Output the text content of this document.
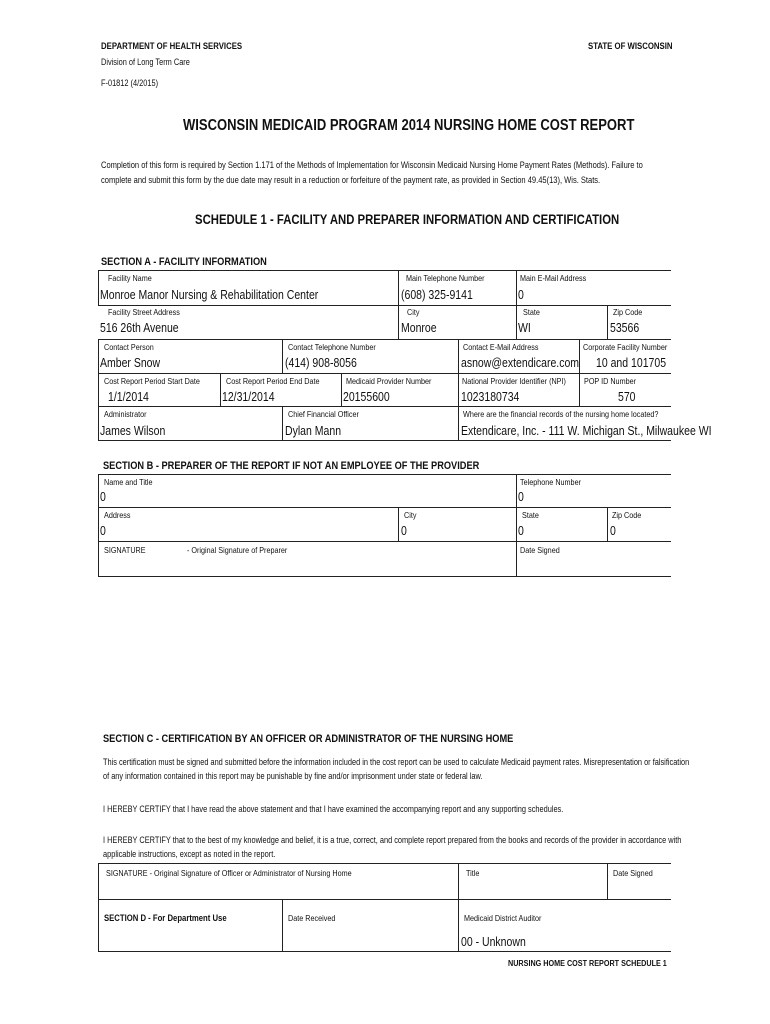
DEPARTMENT OF HEALTH SERVICES
Division of Long Term Care
F-01812 (4/2015)
STATE OF WISCONSIN
WISCONSIN MEDICAID PROGRAM 2014 NURSING HOME COST REPORT
Completion of this form is required by Section 1.171 of the Methods of Implementation for Wisconsin Medicaid Nursing Home Payment Rates (Methods). Failure to complete and submit this form by the due date may result in a reduction or forfeiture of the payment rate, as provided in Section 49.45(13), Wis. Stats.
SCHEDULE 1 - FACILITY AND PREPARER INFORMATION AND CERTIFICATION
SECTION A - FACILITY INFORMATION
Facility Name
Monroe Manor Nursing & Rehabilitation Center
Main Telephone Number
(608) 325-9141
Main E-Mail Address
0
Facility Street Address
516 26th Avenue
City
Monroe
State
WI
Zip Code
53566
Contact Person
Amber Snow
Contact Telephone Number
(414) 908-8056
Contact E-Mail Address
asnow@extendicare.com
Corporate Facility Number
10 and 101705
Cost Report Period Start Date
1/1/2014
Cost Report Period End Date
12/31/2014
Medicaid Provider Number
20155600
National Provider Identifier (NPI)
1023180734
POP ID Number
570
Administrator
James Wilson
Chief Financial Officer
Dylan Mann
Where are the financial records of the nursing home located?
Extendicare, Inc. - 111 W. Michigan St., Milwaukee WI
SECTION B - PREPARER OF THE REPORT IF NOT AN EMPLOYEE OF THE PROVIDER
Name and Title
0
Telephone Number
0
Address
0
City
0
State
0
Zip Code
0
SIGNATURE	- Original Signature of Preparer	Date Signed
SECTION C - CERTIFICATION BY AN OFFICER OR ADMINISTRATOR OF THE NURSING HOME
This certification must be signed and submitted before the information included in the cost report can be used to calculate Medicaid payment rates. Misrepresentation or falsification of any information contained in this report may be punishable by fine and/or imprisonment under state or federal law.
I HEREBY CERTIFY that I have read the above statement and that I have examined the accompanying report and any supporting schedules.
I HEREBY CERTIFY that to the best of my knowledge and belief, it is a true, correct, and complete report prepared from the books and records of the provider in accordance with applicable instructions, except as noted in the report.
SIGNATURE - Original Signature of Officer or Administrator of Nursing Home	Title	Date Signed
SECTION D - For Department Use	Date Received	Medicaid District Auditor
00 - Unknown
NURSING HOME COST REPORT SCHEDULE 1
